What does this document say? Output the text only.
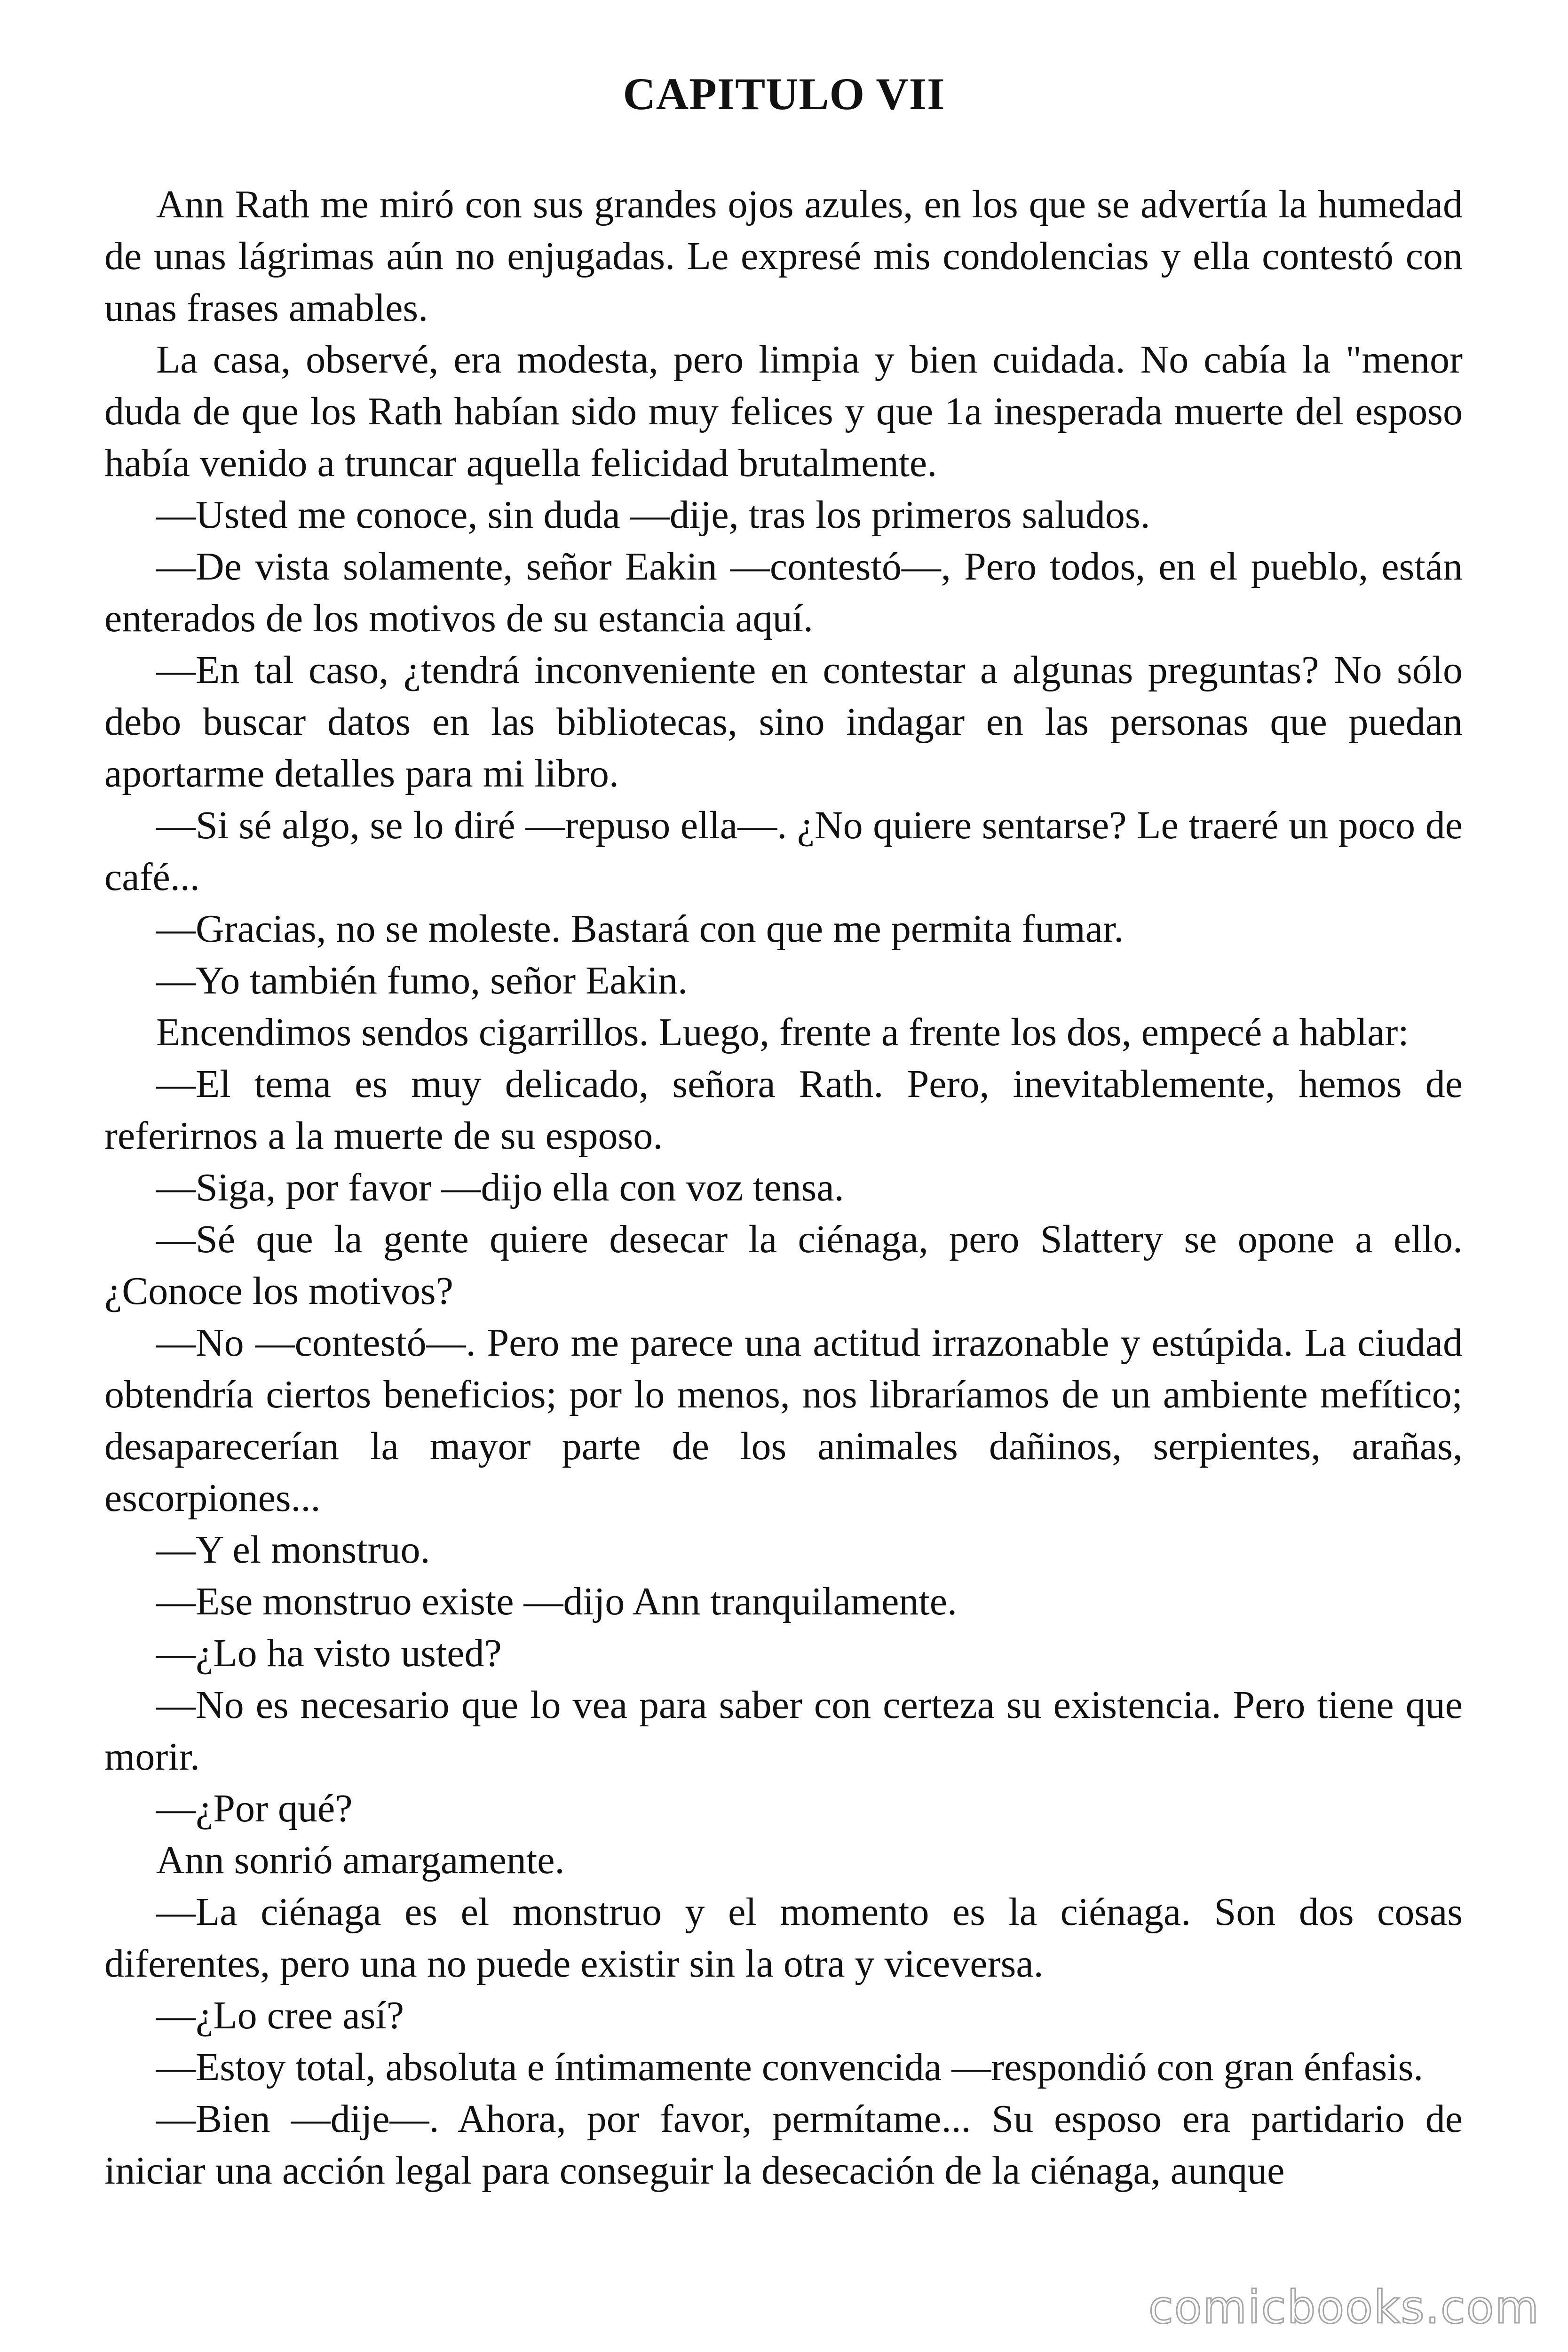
CAPITULO VII

Ann Rath me miró con sus grandes ojos azules, en los que se advertía la humedad de unas lágrimas aún no enjugadas. Le expresé mis condolencias y ella contestó con unas frases amables.

La casa, observé, era modesta, pero limpia y bien cuidada. No cabía la "menor duda de que los Rath habían sido muy felices y que 1a inesperada muerte del esposo había venido a truncar aquella felicidad brutalmente.

—Usted me conoce, sin duda —dije, tras los primeros saludos.

—De vista solamente, señor Eakin —contestó—, Pero todos, en el pueblo, están enterados de los motivos de su estancia aquí.

—En tal caso, ¿tendrá inconveniente en contestar a algunas preguntas? No sólo debo buscar datos en las bibliotecas, sino indagar en las personas que puedan aportarme detalles para mi libro.

—Si sé algo, se lo diré —repuso ella—. ¿No quiere sentarse? Le traeré un poco de café...

—Gracias, no se moleste. Bastará con que me permita fumar.

—Yo también fumo, señor Eakin.

Encendimos sendos cigarrillos. Luego, frente a frente los dos, empecé a hablar:

—El tema es muy delicado, señora Rath. Pero, inevitablemente, hemos de referirnos a la muerte de su esposo.

—Siga, por favor —dijo ella con voz tensa.

—Sé que la gente quiere desecar la ciénaga, pero Slattery se opone a ello. ¿Conoce los motivos?

—No —contestó—. Pero me parece una actitud irrazonable y estúpida. La ciudad obtendría ciertos beneficios; por lo menos, nos libraríamos de un ambiente mefítico; desaparecerían la mayor parte de los animales dañinos, serpientes, arañas, escorpiones...

—Y el monstruo.

—Ese monstruo existe —dijo Ann tranquilamente.

—¿Lo ha visto usted?

—No es necesario que lo vea para saber con certeza su existencia. Pero tiene que morir.

—¿Por qué?

Ann sonrió amargamente.

—La ciénaga es el monstruo y el momento es la ciénaga. Son dos cosas diferentes, pero una no puede existir sin la otra y viceversa.

—¿Lo cree así?

—Estoy total, absoluta e íntimamente convencida —respondió con gran énfasis.

—Bien —dije—. Ahora, por favor, permítame... Su esposo era partidario de iniciar una acción legal para conseguir la desecación de la ciénaga, aunque

comicbooks.com
